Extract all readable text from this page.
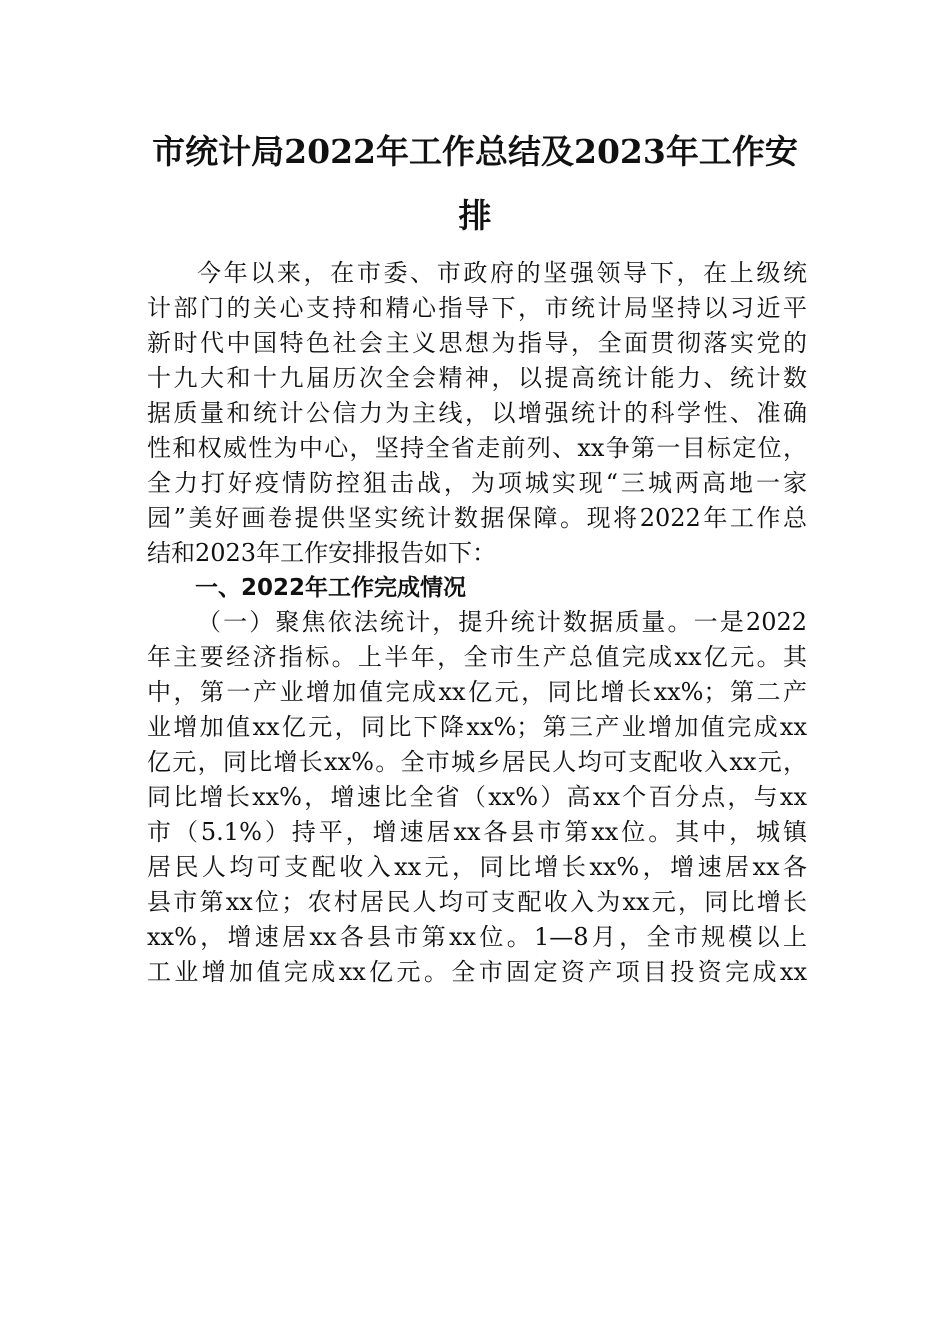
市统计局2022年工作总结及2023年工作安
排
今年以来，在市委、市政府的坚强领导下，在上级统
计部门的关心支持和精心指导下，市统计局坚持以习近平
新时代中国特色社会主义思想为指导，全面贯彻落实党的
十九大和十九届历次全会精神，以提高统计能力、统计数
据质量和统计公信力为主线，以增强统计的科学性、准确
性和权威性为中心，坚持全省走前列、xx争第一目标定位，
全力打好疫情防控狙击战，为项城实现“三城两高地一家
园”美好画卷提供坚实统计数据保障。现将2022年工作总
结和2023年工作安排报告如下：
一、2022年工作完成情况
（一）聚焦依法统计，提升统计数据质量。一是2022
年主要经济指标。上半年，全市生产总值完成xx亿元。其
中，第一产业增加值完成xx亿元，同比增长xx%；第二产
业增加值xx亿元，同比下降xx%；第三产业增加值完成xx
亿元，同比增长xx%。全市城乡居民人均可支配收入xx元，
同比增长xx%，增速比全省（xx%）高xx个百分点，与xx
市（5.1%）持平，增速居xx各县市第xx位。其中，城镇
居民人均可支配收入xx元，同比增长xx%，增速居xx各
县市第xx位；农村居民人均可支配收入为xx元，同比增长
xx%，增速居xx各县市第xx位。1—8月，全市规模以上
工业增加值完成xx亿元。全市固定资产项目投资完成xx
